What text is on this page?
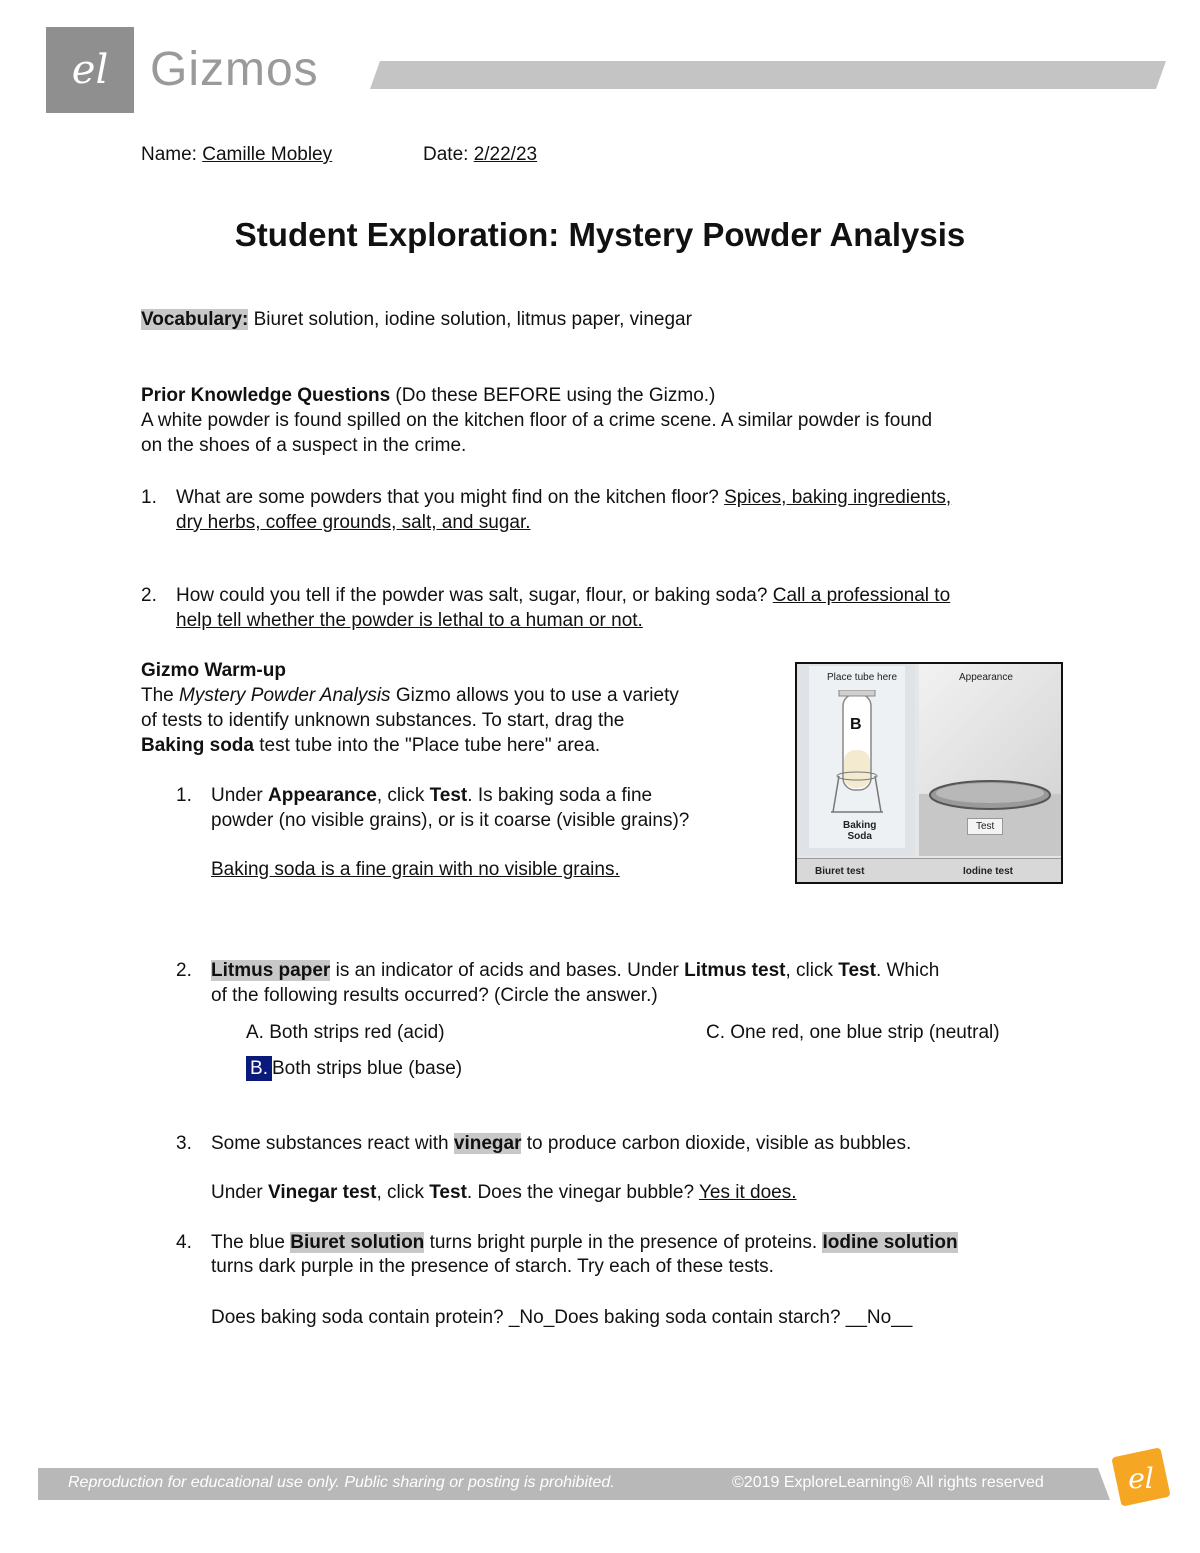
el Gizmos
Name: Camille Mobley	Date: 2/22/23
Student Exploration: Mystery Powder Analysis
Vocabulary: Biuret solution, iodine solution, litmus paper, vinegar
Prior Knowledge Questions (Do these BEFORE using the Gizmo.)
A white powder is found spilled on the kitchen floor of a crime scene. A similar powder is found
on the shoes of a suspect in the crime.
1. What are some powders that you might find on the kitchen floor? Spices, baking ingredients,
dry herbs, coffee grounds, salt, and sugar.
2. How could you tell if the powder was salt, sugar, flour, or baking soda? Call a professional to
help tell whether the powder is lethal to a human or not.
Gizmo Warm-up
The Mystery Powder Analysis Gizmo allows you to use a variety
of tests to identify unknown substances. To start, drag the
Baking soda test tube into the "Place tube here" area.
1. Under Appearance, click Test. Is baking soda a fine
powder (no visible grains), or is it coarse (visible grains)?
Baking soda is a fine grain with no visible grains.
Place tube here
B
Baking
Soda
Appearance
Test
Biuret test	Iodine test
2. Litmus paper is an indicator of acids and bases. Under Litmus test, click Test. Which
of the following results occurred? (Circle the answer.)
A. Both strips red (acid)	C. One red, one blue strip (neutral)
B. Both strips blue (base)
3. Some substances react with vinegar to produce carbon dioxide, visible as bubbles.
Under Vinegar test, click Test. Does the vinegar bubble? Yes it does.
4. The blue Biuret solution turns bright purple in the presence of proteins. Iodine solution
turns dark purple in the presence of starch. Try each of these tests.
Does baking soda contain protein? _No_Does baking soda contain starch? __No__
Reproduction for educational use only. Public sharing or posting is prohibited.	©2019 ExploreLearning® All rights reserved	el
